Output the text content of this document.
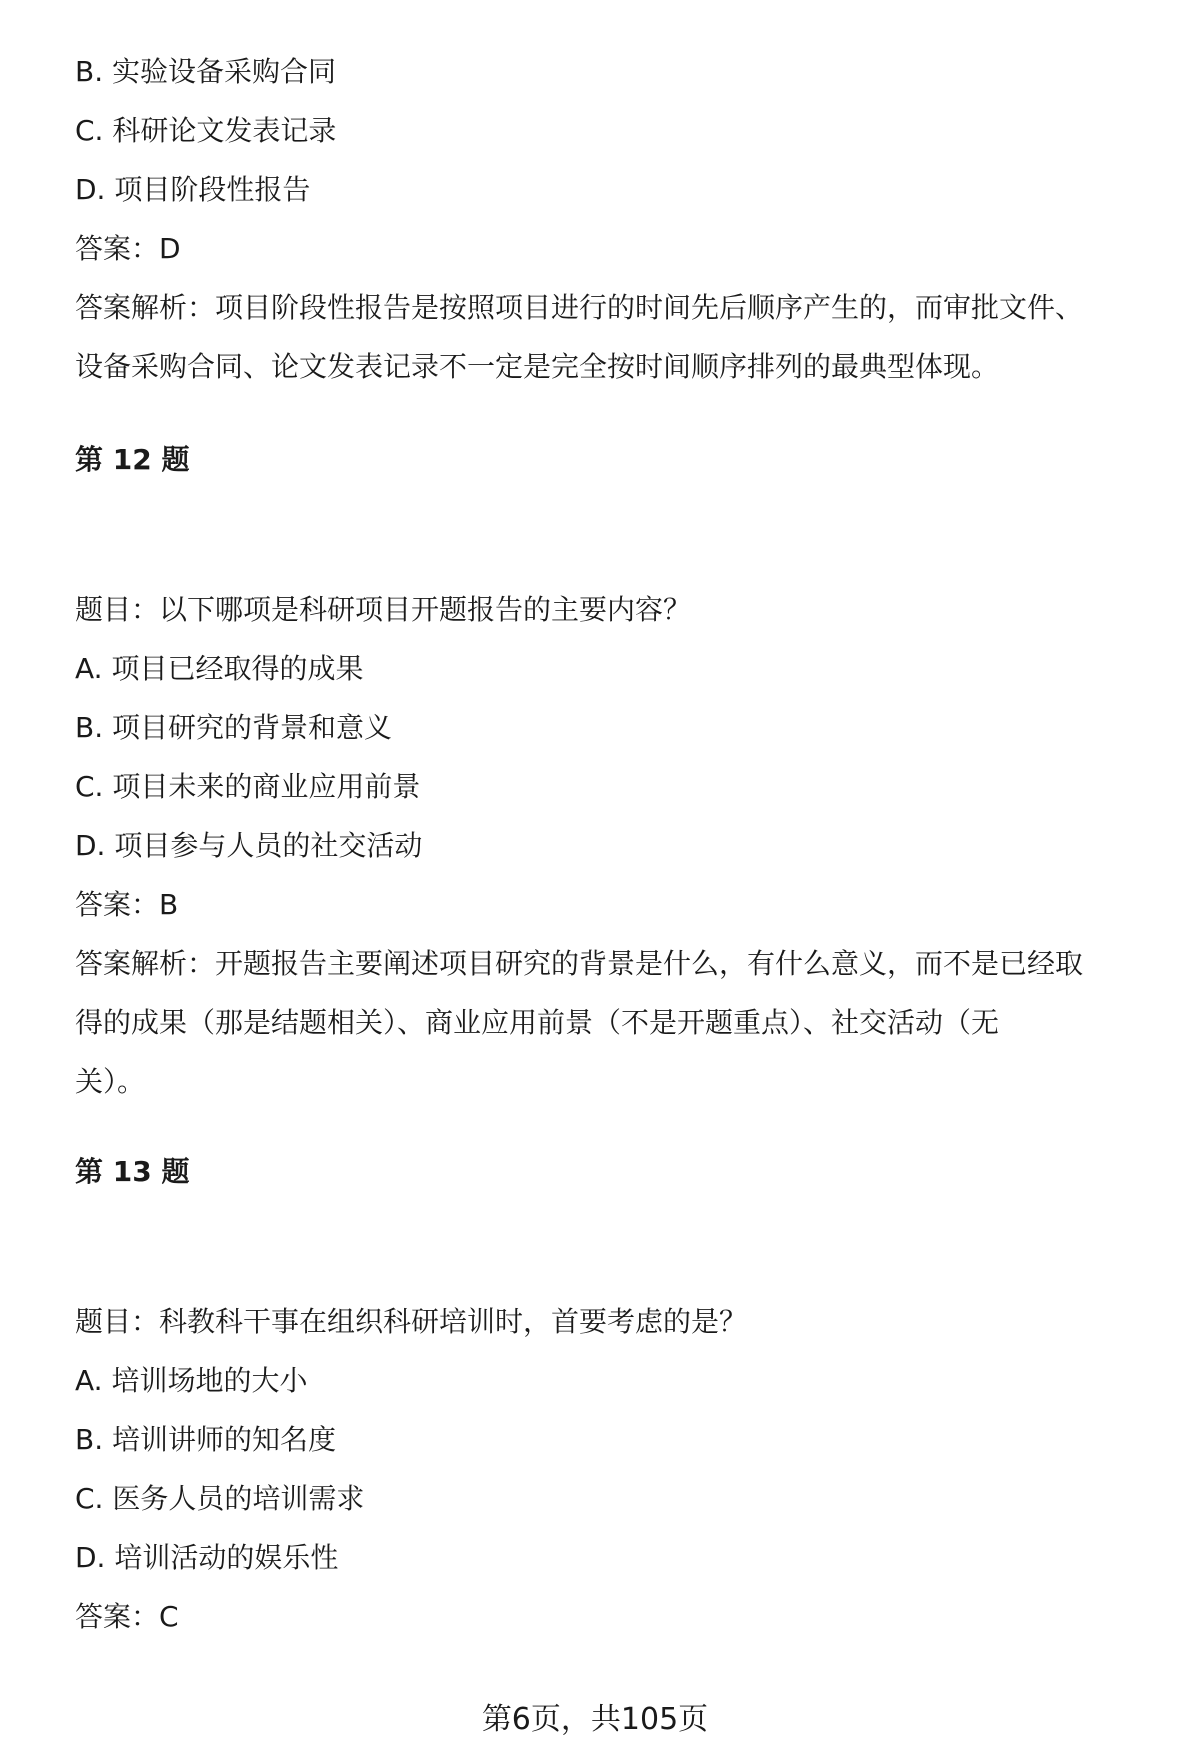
B. 实验设备采购合同
C. 科研论文发表记录
D. 项目阶段性报告
答案：D
答案解析：项目阶段性报告是按照项目进行的时间先后顺序产生的，而审批文件、
设备采购合同、论文发表记录不一定是完全按时间顺序排列的最典型体现。
第 12 题
题目：以下哪项是科研项目开题报告的主要内容？
A. 项目已经取得的成果
B. 项目研究的背景和意义
C. 项目未来的商业应用前景
D. 项目参与人员的社交活动
答案：B
答案解析：开题报告主要阐述项目研究的背景是什么，有什么意义，而不是已经取
得的成果（那是结题相关）、商业应用前景（不是开题重点）、社交活动（无
关）。
第 13 题
题目：科教科干事在组织科研培训时，首要考虑的是？
A. 培训场地的大小
B. 培训讲师的知名度
C. 医务人员的培训需求
D. 培训活动的娱乐性
答案：C
第6页，共105页
